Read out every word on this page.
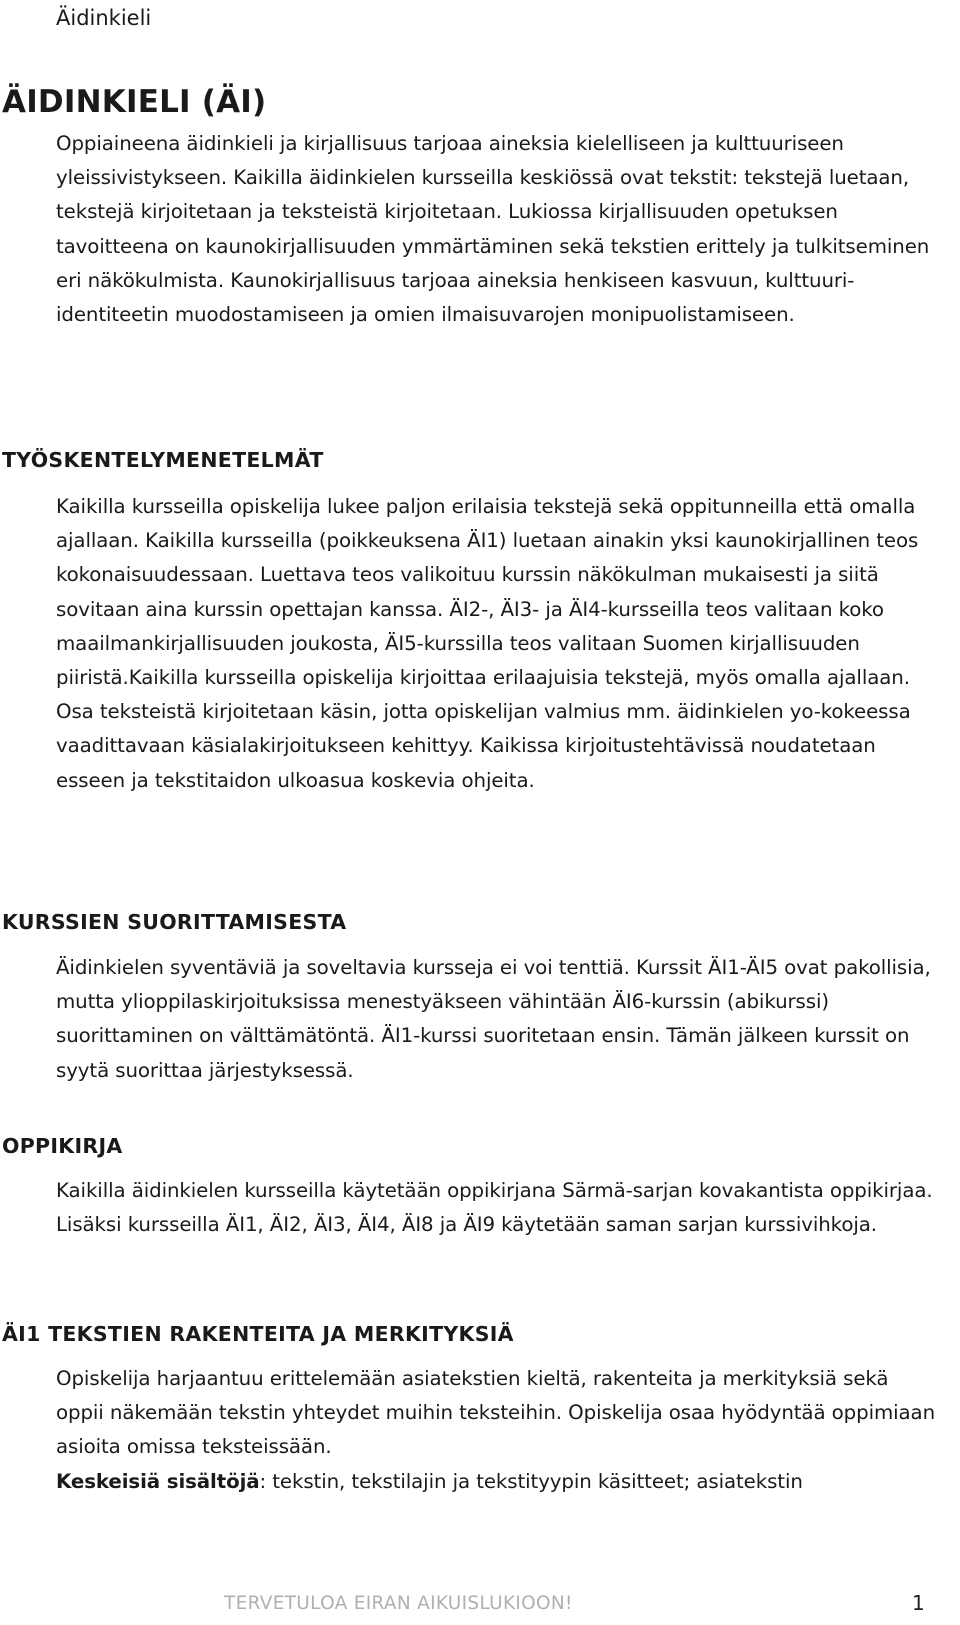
Äidinkieli
ÄIDINKIELI (ÄI)

Oppiaineena äidinkieli ja kirjallisuus tarjoaa aineksia kielelliseen ja kulttuuriseen yleissivistykseen. Kaikilla äidinkielen kursseilla keskiössä ovat tekstit: tekstejä luetaan, tekstejä kirjoitetaan ja teksteistä kirjoitetaan. Lukiossa kirjallisuuden opetuksen tavoitteena on kaunokirjallisuuden ymmärtäminen sekä tekstien erittely ja tulkitseminen eri näkökulmista. Kaunokirjallisuus tarjoaa aineksia henkiseen kasvuun, kulttuuri-identiteetin muodostamiseen ja omien ilmaisuvarojen monipuolistamiseen.

TYÖSKENTELYMENETELMÄT

Kaikilla kursseilla opiskelija lukee paljon erilaisia tekstejä sekä oppitunneilla että omalla ajallaan. Kaikilla kursseilla (poikkeuksena ÄI1) luetaan ainakin yksi kaunokirjallinen teos kokonaisuudessaan. Luettava teos valikoituu kurssin näkökulman mukaisesti ja siitä sovitaan aina kurssin opettajan kanssa. ÄI2-, ÄI3- ja ÄI4-kursseilla teos valitaan koko maailmankirjallisuuden joukosta, ÄI5-kurssilla teos valitaan Suomen kirjallisuuden piiristä.Kaikilla kursseilla opiskelija kirjoittaa erilaajuisia tekstejä, myös omalla ajallaan. Osa teksteistä kirjoitetaan käsin, jotta opiskelijan valmius mm. äidinkielen yo-kokeessa vaadittavaan käsialakirjoitukseen kehittyy. Kaikissa kirjoitustehtävissä noudatetaan esseen ja tekstitaidon ulkoasua koskevia ohjeita.

KURSSIEN SUORITTAMISESTA

Äidinkielen syventäviä ja soveltavia kursseja ei voi tenttiä. Kurssit ÄI1-ÄI5 ovat pakollisia, mutta ylioppilaskirjoituksissa menestyäkseen vähintään ÄI6-kurssin (abikurssi) suorittaminen on välttämätöntä. ÄI1-kurssi suoritetaan ensin. Tämän jälkeen kurssit on syytä suorittaa järjestyksessä.

OPPIKIRJA

Kaikilla äidinkielen kursseilla käytetään oppikirjana Särmä-sarjan kovakantista oppikirjaa. Lisäksi kursseilla ÄI1, ÄI2, ÄI3, ÄI4, ÄI8 ja ÄI9 käytetään saman sarjan kurssivihkoja.

ÄI1 TEKSTIEN RAKENTEITA JA MERKITYKSIÄ
Opiskelija harjaantuu erittelemään asiatekstien kieltä, rakenteita ja merkityksiä sekä oppii näkemään tekstin yhteydet muihin teksteihin. Opiskelija osaa hyödyntää oppimiaan asioita omissa teksteissään.
Keskeisiä sisältöjä: tekstin, tekstilajin ja tekstityypin käsitteet; asiatekstin
TERVETULOA EIRAN AIKUISLUKIOON!	1
